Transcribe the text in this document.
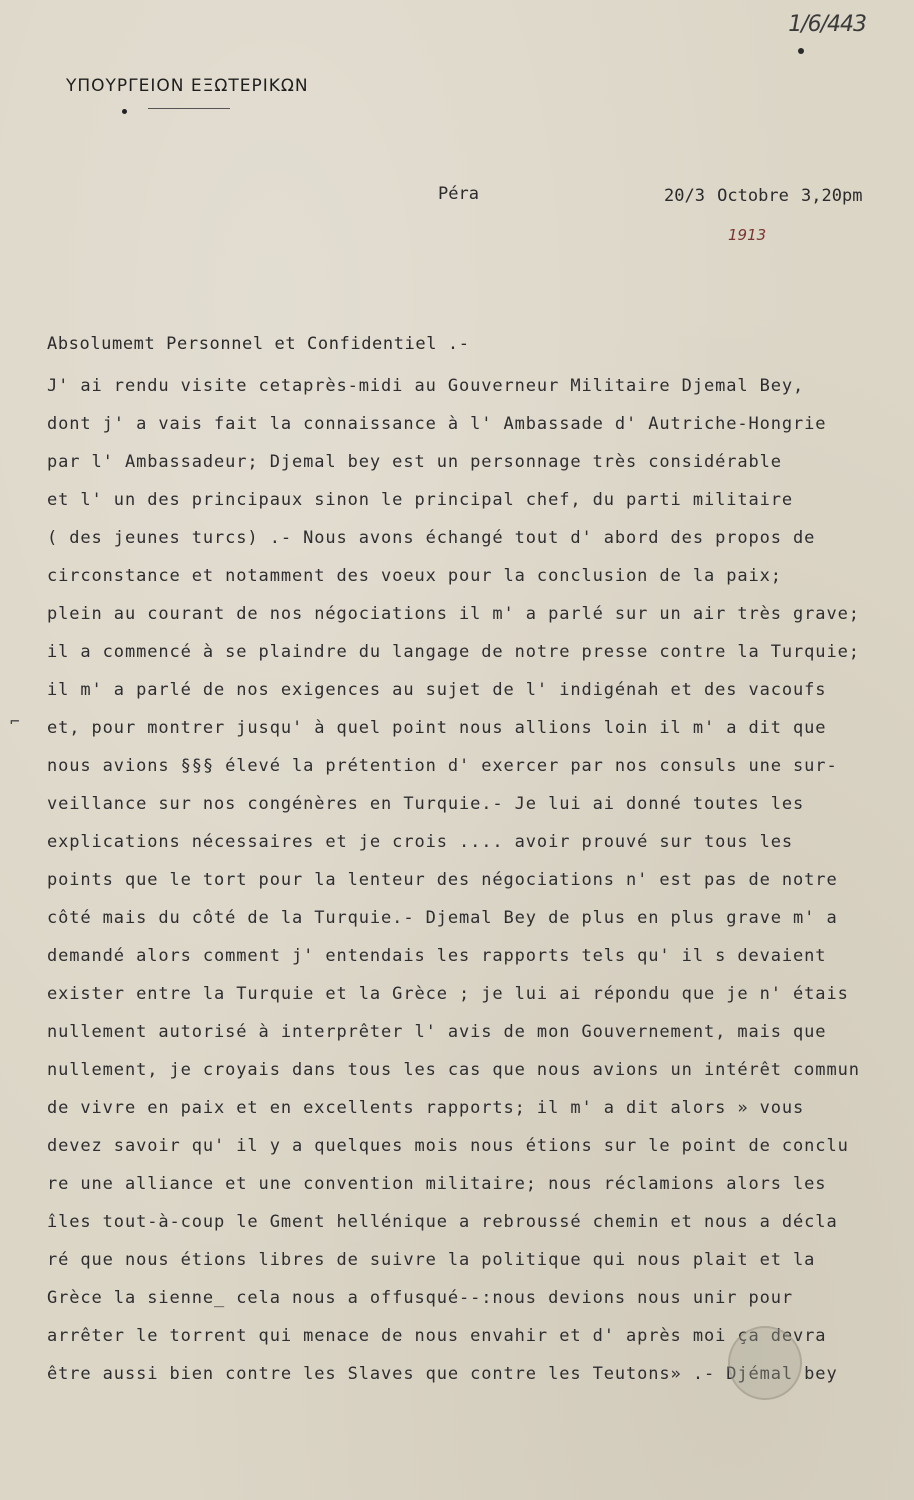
1/6/443
ΥΠΟΥΡΓΕΙΟΝ ΕΞΩΤΕΡΙΚΩΝ
Péra	20/3 Octobre 3,20pm
1913
Absolumemt Personnel et Confidentiel .-
⌐
J' ai rendu visite cetaprès-midi au Gouverneur Militaire Djemal Bey,
dont j' a vais fait la connaissance à l' Ambassade d' Autriche-Hongrie
par l' Ambassadeur; Djemal bey est un personnage très considérable
et l' un des principaux sinon le principal chef, du parti militaire
( des jeunes turcs) .- Nous avons échangé tout d' abord des propos de
circonstance et notamment des voeux pour la conclusion de la paix;
plein au courant de nos négociations il m' a parlé sur un air très grave;
il a commencé à se plaindre du langage de notre presse contre la Turquie;
il m' a parlé de nos exigences au sujet de l' indigénah et des vacoufs
et, pour montrer jusqu' à quel point nous allions loin il m' a dit que
nous avions §§§ élevé la prétention d' exercer par nos consuls une sur-
veillance sur nos congénères en Turquie.- Je lui ai donné toutes les
explications nécessaires et je crois .... avoir prouvé sur tous les
points que le tort pour la lenteur des négociations n' est pas de notre
côté mais du côté de la Turquie.- Djemal Bey de plus en plus grave m' a
demandé alors comment j' entendais les rapports tels qu' il s devaient
exister entre la Turquie et la Grèce ; je lui ai répondu que je n' étais
nullement autorisé à interprêter l' avis de mon Gouvernement, mais que
nullement, je croyais dans tous les cas que nous avions un intérêt commun
de vivre en paix et en excellents rapports; il m' a dit alors » vous
devez savoir qu' il y a quelques mois nous étions sur le point de conclu
re une alliance et une convention militaire; nous réclamions alors les
îles tout-à-coup le Gment hellénique a rebroussé chemin et nous a décla
ré que nous étions libres de suivre la politique qui nous plait et la
Grèce la sienne_ cela nous a offusqué--:nous devions nous unir pour
arrêter le torrent qui menace de nous envahir et d' après moi ça devra
être aussi bien contre les Slaves que contre les Teutons» .- Djémal bey
